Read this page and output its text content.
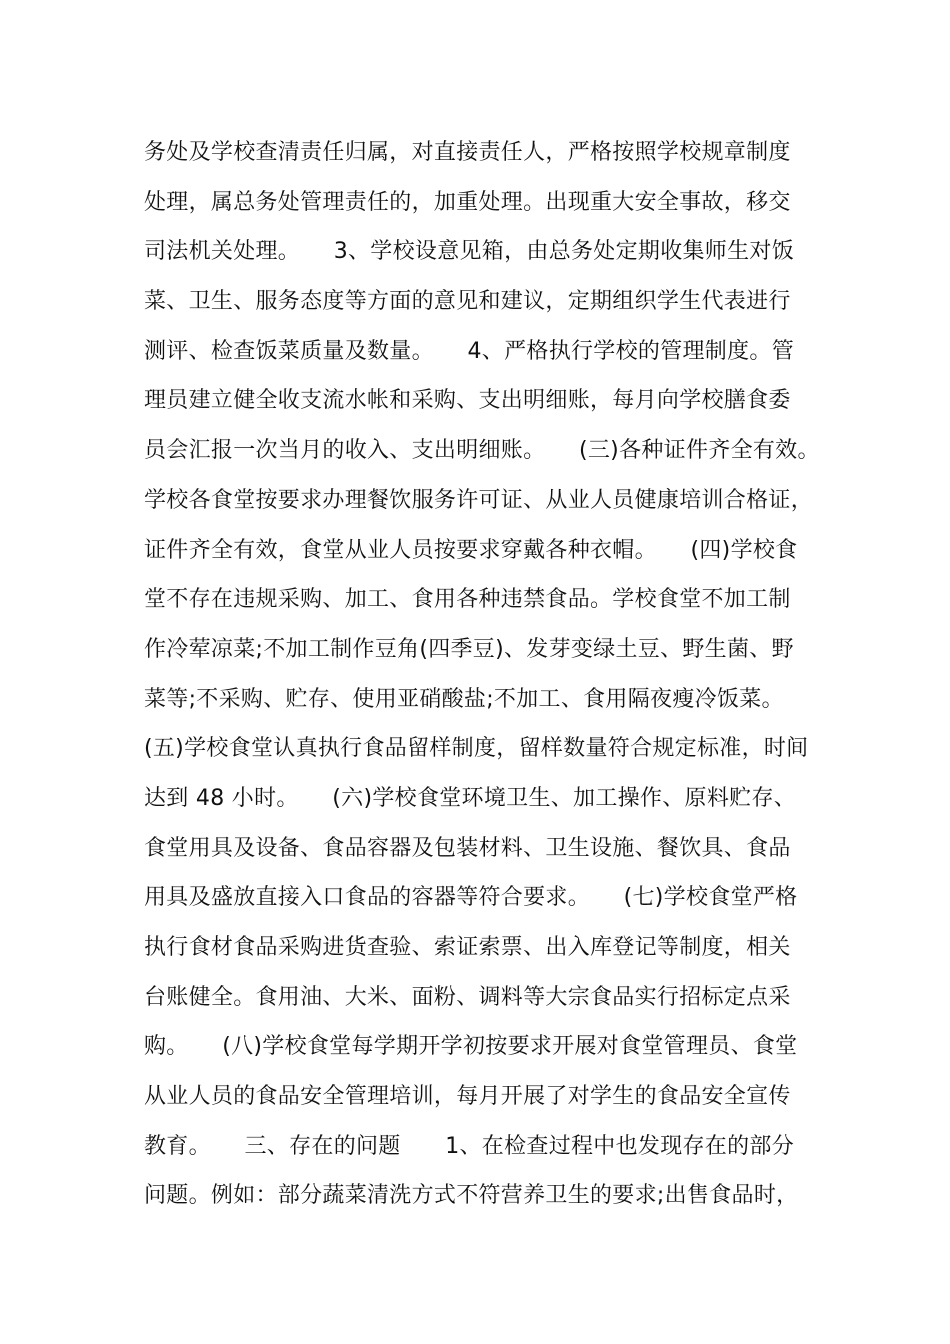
务处及学校查清责任归属，对直接责任人，严格按照学校规章制度
处理，属总务处管理责任的，加重处理。出现重大安全事故，移交
司法机关处理。　　3、学校设意见箱，由总务处定期收集师生对饭
菜、卫生、服务态度等方面的意见和建议，定期组织学生代表进行
测评、检查饭菜质量及数量。　　4、严格执行学校的管理制度。管
理员建立健全收支流水帐和采购、支出明细账，每月向学校膳食委
员会汇报一次当月的收入、支出明细账。　　(三)各种证件齐全有效。
学校各食堂按要求办理餐饮服务许可证、从业人员健康培训合格证，
证件齐全有效，食堂从业人员按要求穿戴各种衣帽。　　(四)学校食
堂不存在违规采购、加工、食用各种违禁食品。学校食堂不加工制
作冷荤凉菜;不加工制作豆角(四季豆)、发芽变绿土豆、野生菌、野
菜等;不采购、贮存、使用亚硝酸盐;不加工、食用隔夜瘦冷饭菜。
(五)学校食堂认真执行食品留样制度，留样数量符合规定标准，时间
达到 48 小时。　　(六)学校食堂环境卫生、加工操作、原料贮存、
食堂用具及设备、食品容器及包装材料、卫生设施、餐饮具、食品
用具及盛放直接入口食品的容器等符合要求。　　(七)学校食堂严格
执行食材食品采购进货查验、索证索票、出入库登记等制度，相关
台账健全。食用油、大米、面粉、调料等大宗食品实行招标定点采
购。　　(八)学校食堂每学期开学初按要求开展对食堂管理员、食堂
从业人员的食品安全管理培训，每月开展了对学生的食品安全宣传
教育。　　三、存在的问题　　1、在检查过程中也发现存在的部分
问题。例如：部分蔬菜清洗方式不符营养卫生的要求;出售食品时，
